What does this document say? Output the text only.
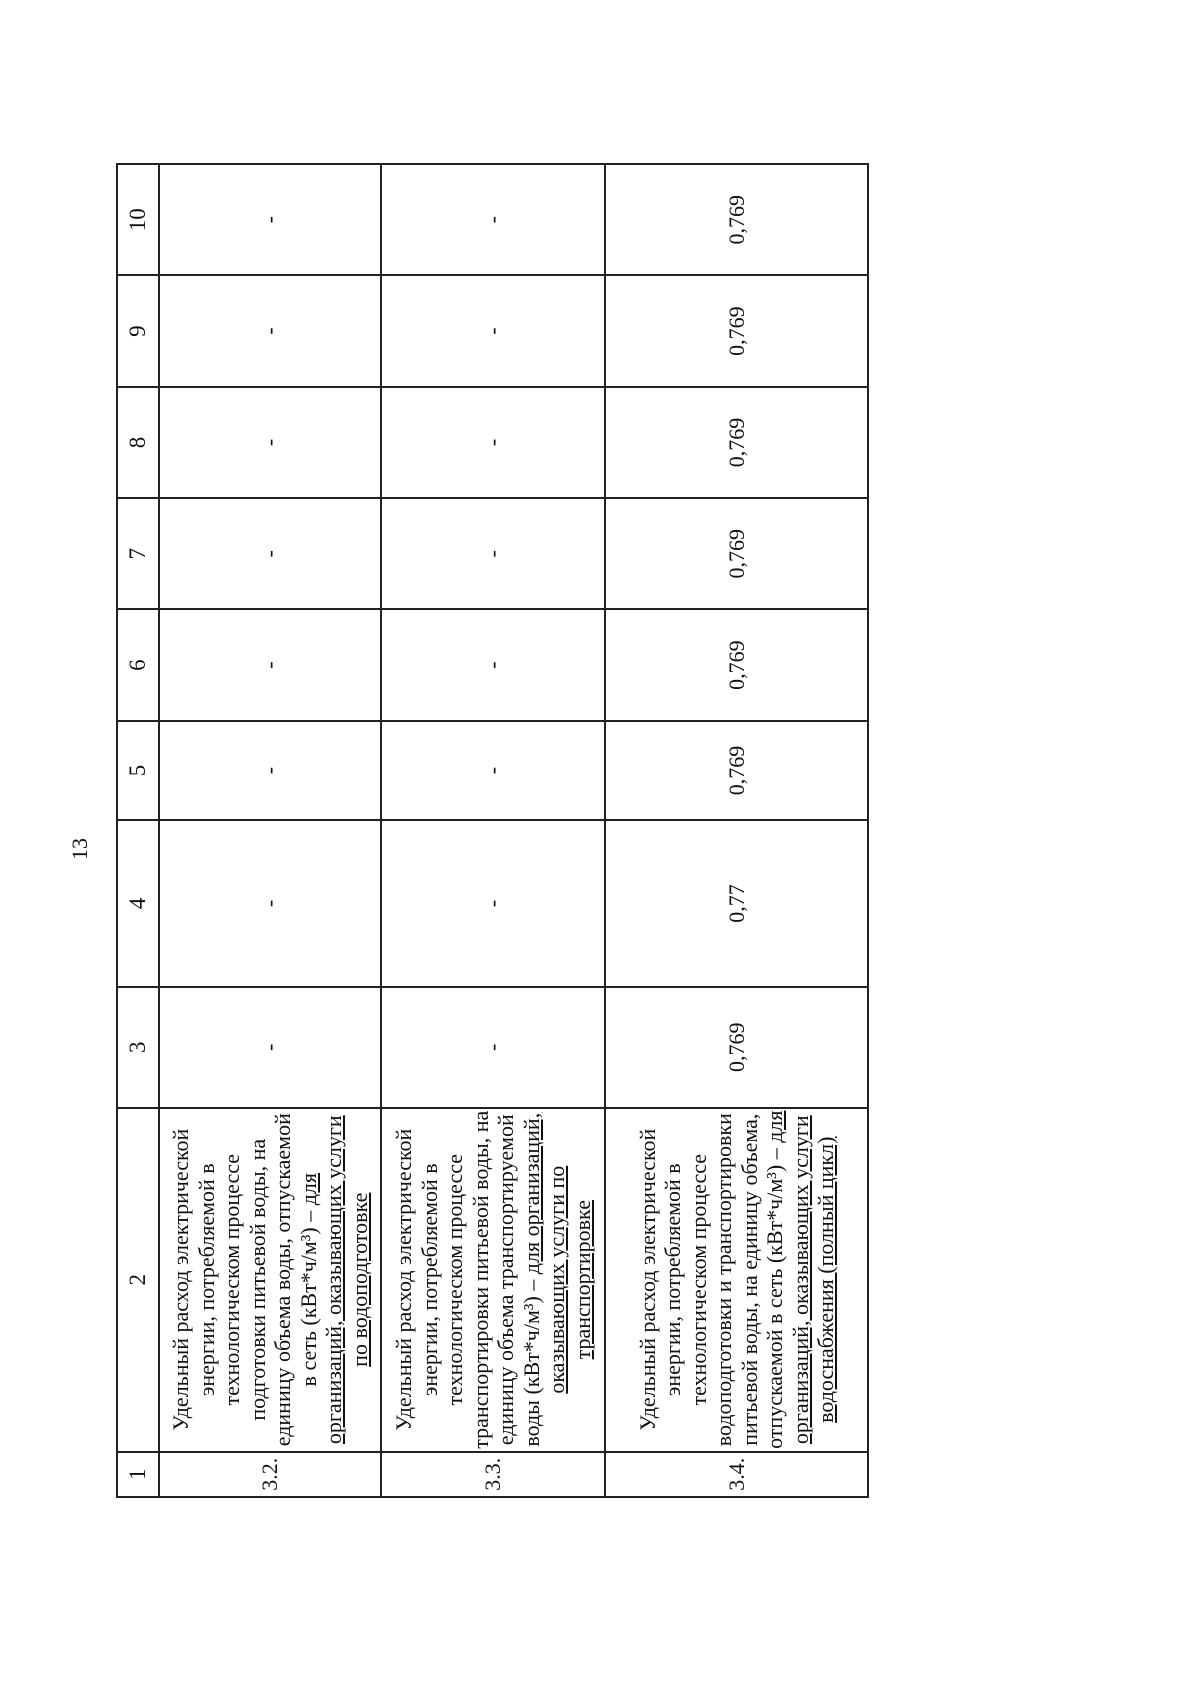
13
1	2	3	4	5	6	7	8	9	10
3.2.	Удельный расход электрической энергии, потребляемой в технологическом процессе подготовки питьевой воды, на единицу объема воды, отпускаемой в сеть (кВт*ч/м³) – для организаций, оказывающих услуги по водоподготовке	-	-	-	-	-	-	-	-
3.3.	Удельный расход электрической энергии, потребляемой в технологическом процессе транспортировки питьевой воды, на единицу объема транспортируемой воды (кВт*ч/м³) – для организаций, оказывающих услуги по транспортировке	-	-	-	-	-	-	-	-
3.4.	Удельный расход электрической энергии, потребляемой в технологическом процессе водоподготовки и транспортировки питьевой воды, на единицу объема, отпускаемой в сеть (кВт*ч/м³) – для организаций, оказывающих услуги водоснабжения (полный цикл)	0,769	0,77	0,769	0,769	0,769	0,769	0,769	0,769
